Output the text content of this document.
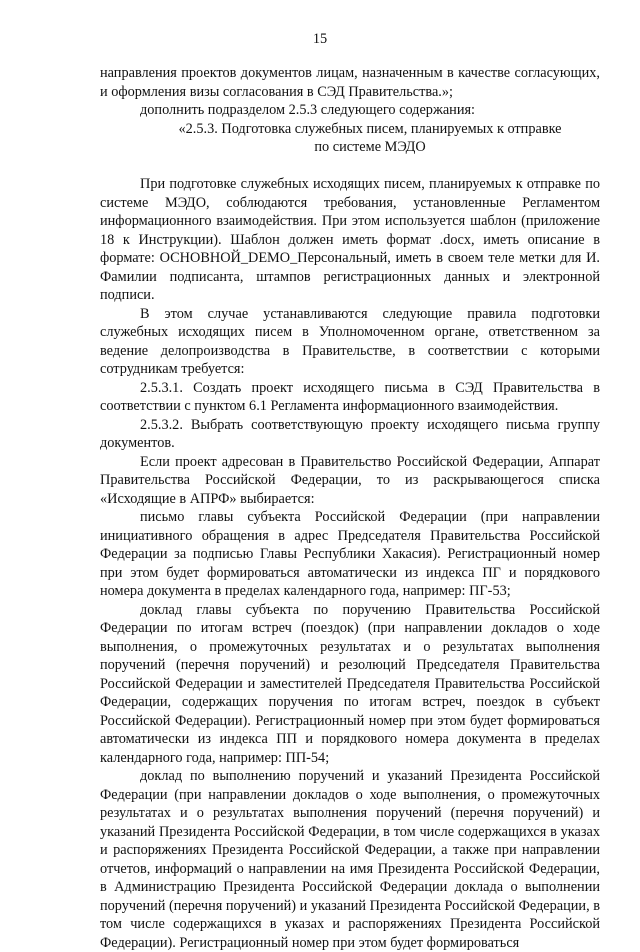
15

направления проектов документов лицам, назначенным в качестве согласующих, и оформления визы согласования в СЭД Правительства.»;

дополнить подразделом 2.5.3 следующего содержания:

«2.5.3. Подготовка служебных писем, планируемых к отправке

по системе МЭДО

При подготовке служебных исходящих писем, планируемых к отправке по системе МЭДО, соблюдаются требования, установленные Регламентом информационного взаимодействия. При этом используется шаблон (приложение 18 к Инструкции). Шаблон должен иметь формат .docx, иметь описание в формате: ОСНОВНОЙ_DEMO_Персональный, иметь в своем теле метки для И. Фамилии подписанта, штампов регистрационных данных и электронной подписи.

В этом случае устанавливаются следующие правила подготовки служебных исходящих писем в Уполномоченном органе, ответственном за ведение делопроизводства в Правительстве, в соответствии с которыми сотрудникам требуется:

2.5.3.1. Создать проект исходящего письма в СЭД Правительства в соответствии с пунктом 6.1 Регламента информационного взаимодействия.

2.5.3.2. Выбрать соответствующую проекту исходящего письма группу документов.

Если проект адресован в Правительство Российской Федерации, Аппарат Правительства Российской Федерации, то из раскрывающегося списка «Исходящие в АПРФ» выбирается:

письмо главы субъекта Российской Федерации (при направлении инициативного обращения в адрес Председателя Правительства Российской Федерации за подписью Главы Республики Хакасия). Регистрационный номер при этом будет формироваться автоматически из индекса ПГ и порядкового номера документа в пределах календарного года, например: ПГ-53;

доклад главы субъекта по поручению Правительства Российской Федерации по итогам встреч (поездок) (при направлении докладов о ходе выполнения, о промежуточных результатах и о результатах выполнения поручений (перечня поручений) и резолюций Председателя Правительства Российской Федерации и заместителей Председателя Правительства Российской Федерации, содержащих поручения по итогам встреч, поездок в субъект Российской Федерации). Регистрационный номер при этом будет формироваться автоматически из индекса ПП и порядкового номера документа в пределах календарного года, например: ПП-54;

доклад по выполнению поручений и указаний Президента Российской Федерации (при направлении докладов о ходе выполнения, о промежуточных результатах и о результатах выполнения поручений (перечня поручений) и указаний Президента Российской Федерации, в том числе содержащихся в указах и распоряжениях Президента Российской Федерации, а также при направлении отчетов, информаций о направлении на имя Президента Российской Федерации, в Администрацию Президента Российской Федерации доклада о выполнении поручений (перечня поручений) и указаний Президента Российской Федерации, в том числе содержащихся в указах и распоряжениях Президента Российской Федерации). Регистрационный номер при этом будет формироваться
